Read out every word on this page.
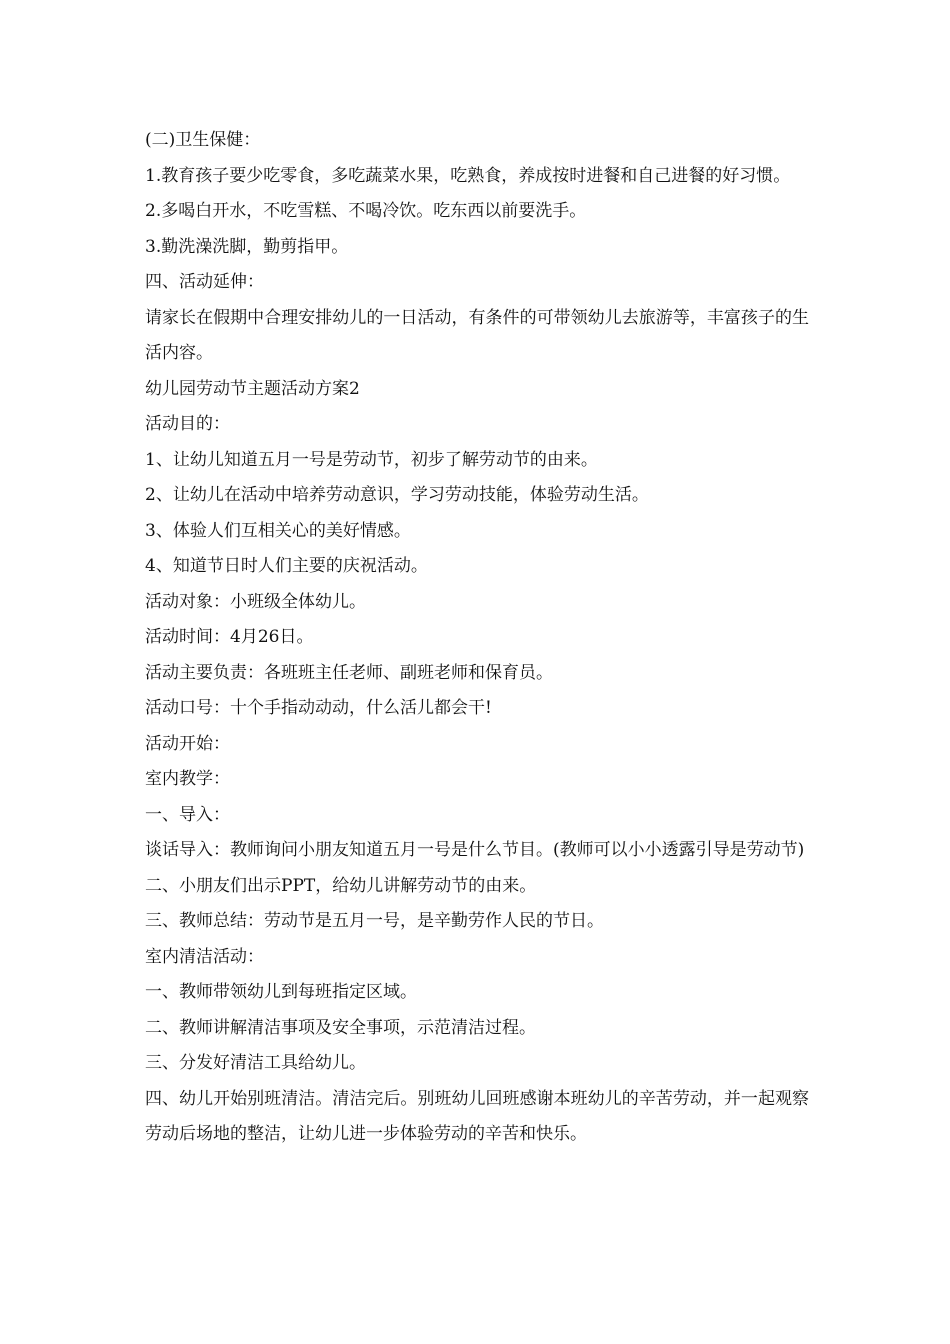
(二)卫生保健：

1.教育孩子要少吃零食，多吃蔬菜水果，吃熟食，养成按时进餐和自己进餐的好习惯。

2.多喝白开水，不吃雪糕、不喝冷饮。吃东西以前要洗手。

3.勤洗澡洗脚，勤剪指甲。

四、活动延伸：

请家长在假期中合理安排幼儿的一日活动，有条件的可带领幼儿去旅游等，丰富孩子的生活内容。

幼儿园劳动节主题活动方案2

活动目的：

1、让幼儿知道五月一号是劳动节，初步了解劳动节的由来。

2、让幼儿在活动中培养劳动意识，学习劳动技能，体验劳动生活。

3、体验人们互相关心的美好情感。

4、知道节日时人们主要的庆祝活动。

活动对象：小班级全体幼儿。

活动时间：4月26日。

活动主要负责：各班班主任老师、副班老师和保育员。

活动口号：十个手指动动动，什么活儿都会干!

活动开始：

室内教学：

一、导入：

谈话导入：教师询问小朋友知道五月一号是什么节目。(教师可以小小透露引导是劳动节)

二、小朋友们出示PPT，给幼儿讲解劳动节的由来。

三、教师总结：劳动节是五月一号，是辛勤劳作人民的节日。

室内清洁活动：

一、教师带领幼儿到每班指定区域。

二、教师讲解清洁事项及安全事项，示范清洁过程。

三、分发好清洁工具给幼儿。

四、幼儿开始别班清洁。清洁完后。别班幼儿回班感谢本班幼儿的辛苦劳动，并一起观察劳动后场地的整洁，让幼儿进一步体验劳动的辛苦和快乐。
